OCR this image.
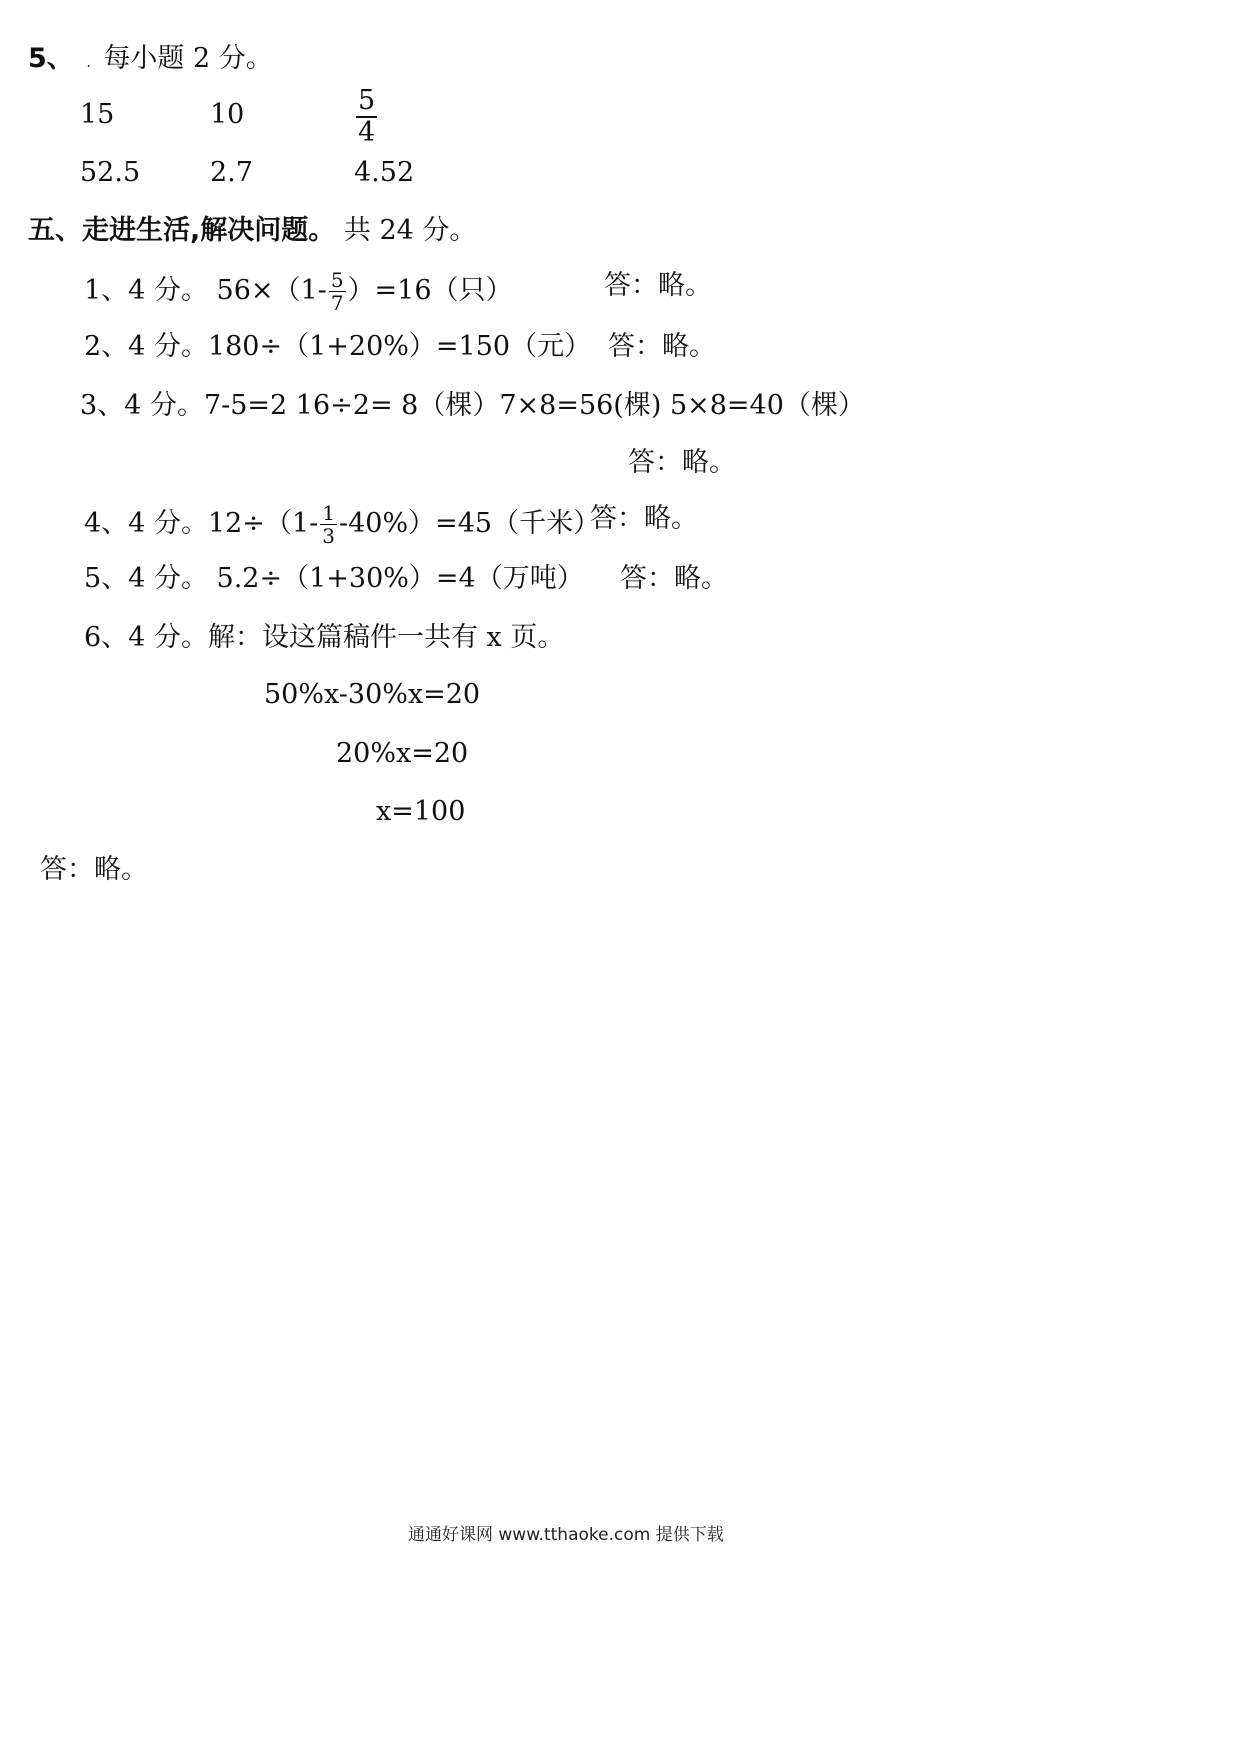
5、 . 每小题 2 分。
15	10	$\frac{5}{4}$
52.5	2.7	4.52
五、走进生活,解决问题。 共 24 分。
1、4 分。 $56\times(1- \frac{5}{7} )=16$（只）	答：略。
2、4 分。180÷（1+20%）=150（元） 答：略。
3、4 分。7-5=2 16÷2= 8（棵）7×8=56(棵) 5×8=40（棵）
答：略。
4、4 分。$12\div(1- \frac{1}{3} -40\%)=45$（千米）
答：略。
5、4 分。 5.2÷（1+30%）=4（万吨） 答：略。
6、4 分。解：设这篇稿件一共有 x 页。
50%x-30%x=20
20%x=20
x=100
答：略。
通通好课网 www.tthaoke.com 提供下载
